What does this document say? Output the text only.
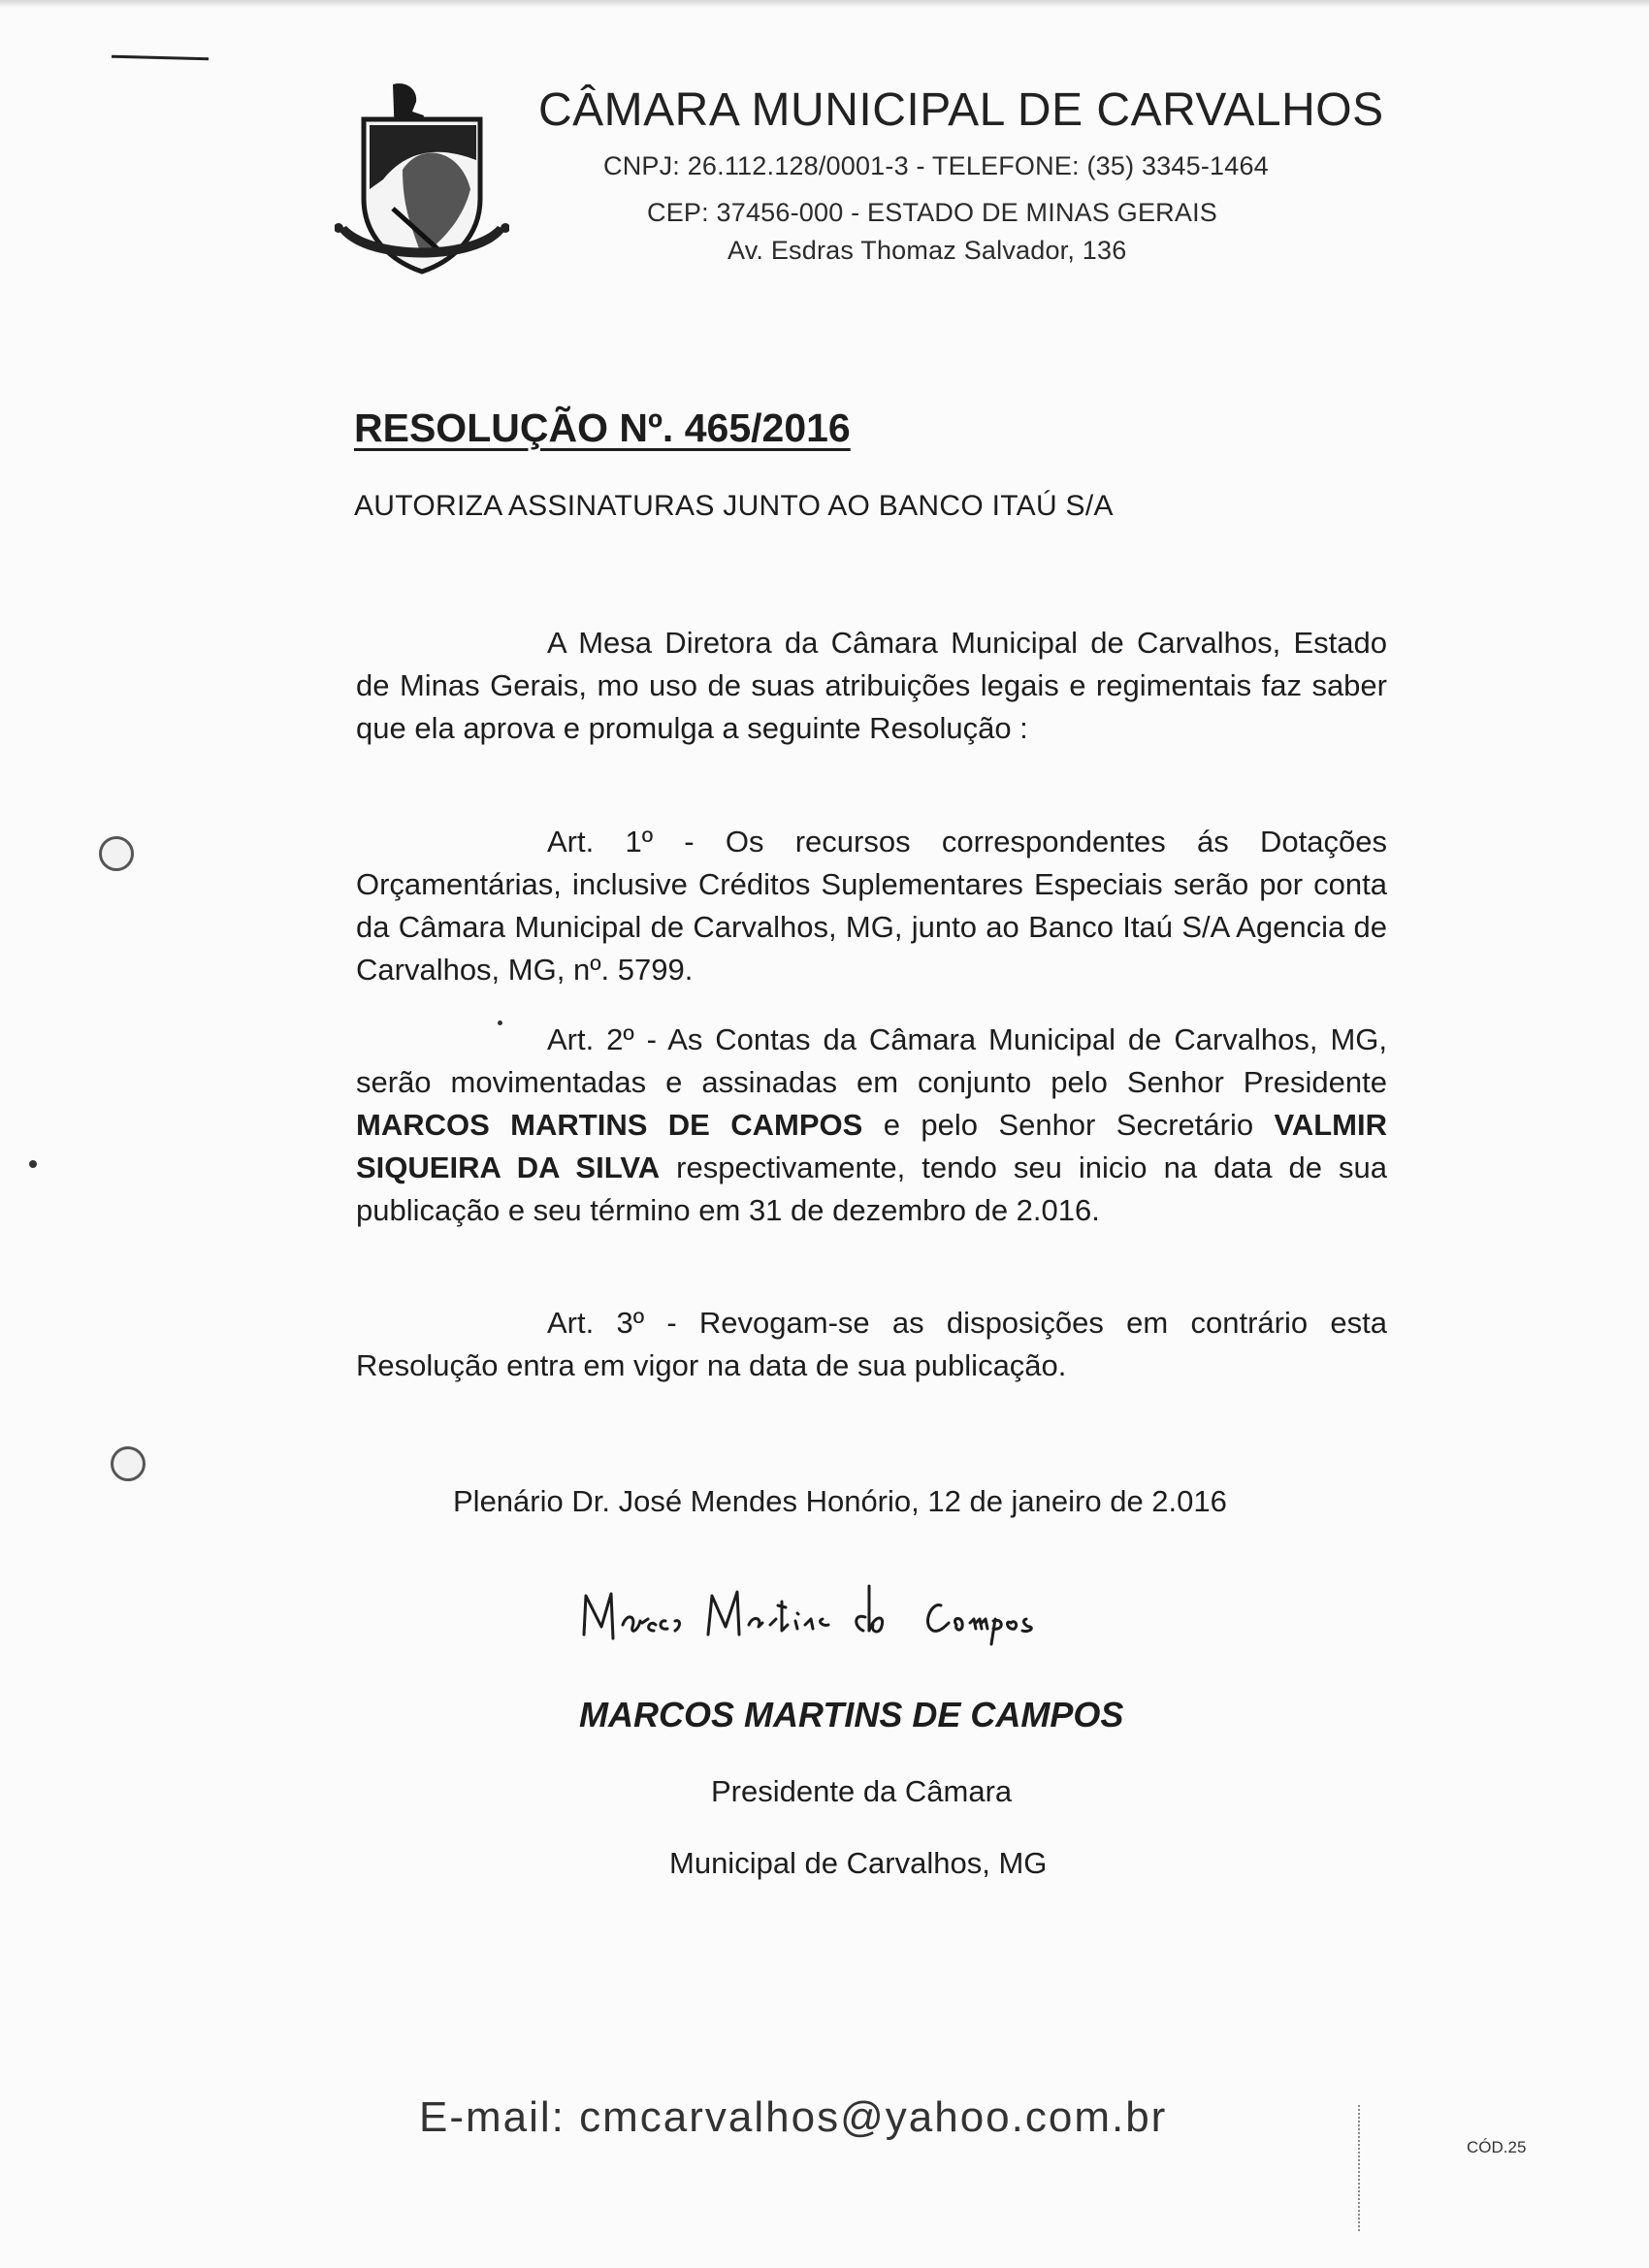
CÂMARA MUNICIPAL DE CARVALHOS
CNPJ: 26.112.128/0001-3 - TELEFONE: (35) 3345-1464
CEP: 37456-000 - ESTADO DE MINAS GERAIS
Av. Esdras Thomaz Salvador, 136
RESOLUÇÃO Nº. 465/2016
AUTORIZA ASSINATURAS JUNTO AO BANCO ITAÚ S/A
A Mesa Diretora da Câmara Municipal de Carvalhos, Estado de Minas Gerais, mo uso de suas atribuições legais e regimentais faz saber que ela aprova e promulga a seguinte Resolução :
Art. 1º - Os recursos correspondentes ás Dotações Orçamentárias, inclusive Créditos Suplementares Especiais serão por conta da Câmara Municipal de Carvalhos, MG, junto ao Banco Itaú S/A Agencia de Carvalhos, MG, nº. 5799.
Art. 2º - As Contas da Câmara Municipal de Carvalhos, MG, serão movimentadas e assinadas em conjunto pelo Senhor Presidente MARCOS MARTINS DE CAMPOS e pelo Senhor Secretário VALMIR SIQUEIRA DA SILVA respectivamente, tendo seu inicio na data de sua publicação e seu término em 31 de dezembro de 2.016.
Art. 3º - Revogam-se as disposições em contrário esta Resolução entra em vigor na data de sua publicação.
Plenário Dr. José Mendes Honório, 12 de janeiro de 2.016
MARCOS MARTINS DE CAMPOS
Presidente da Câmara
Municipal de Carvalhos, MG
E-mail: cmcarvalhos@yahoo.com.br
CÓD.25
